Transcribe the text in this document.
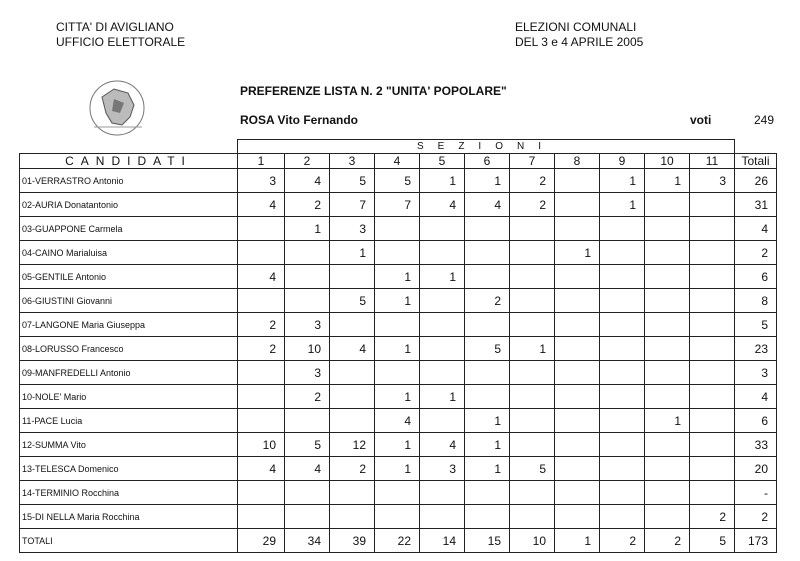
CITTA' DI AVIGLIANO
UFFICIO ELETTORALE
ELEZIONI COMUNALI
DEL 3 e 4 APRILE 2005
PREFERENZE LISTA N. 2 "UNITA' POPOLARE"
ROSA Vito Fernando	voti	249
	SEZIONI											
CANDIDATI	1	2	3	4	5	6	7	8	9	10	11	Totali
01-VERRASTRO Antonio	3	4	5	5	1	1	2		1	1	3	26
02-AURIA Donatantonio	4	2	7	7	4	4	2		1			31
03-GUAPPONE Carmela		1	3									4
04-CAINO Marialuisa			1					1				2
05-GENTILE Antonio	4			1	1							6
06-GIUSTINI Giovanni			5	1		2						8
07-LANGONE Maria Giuseppa	2	3										5
08-LORUSSO Francesco	2	10	4	1		5	1					23
09-MANFREDELLI Antonio		3										3
10-NOLE' Mario		2		1	1							4
11-PACE Lucia				4		1				1		6
12-SUMMA Vito	10	5	12	1	4	1						33
13-TELESCA Domenico	4	4	2	1	3	1	5					20
14-TERMINIO Rocchina												-
15-DI NELLA Maria Rocchina											2	2
TOTALI	29	34	39	22	14	15	10	1	2	2	5	173
